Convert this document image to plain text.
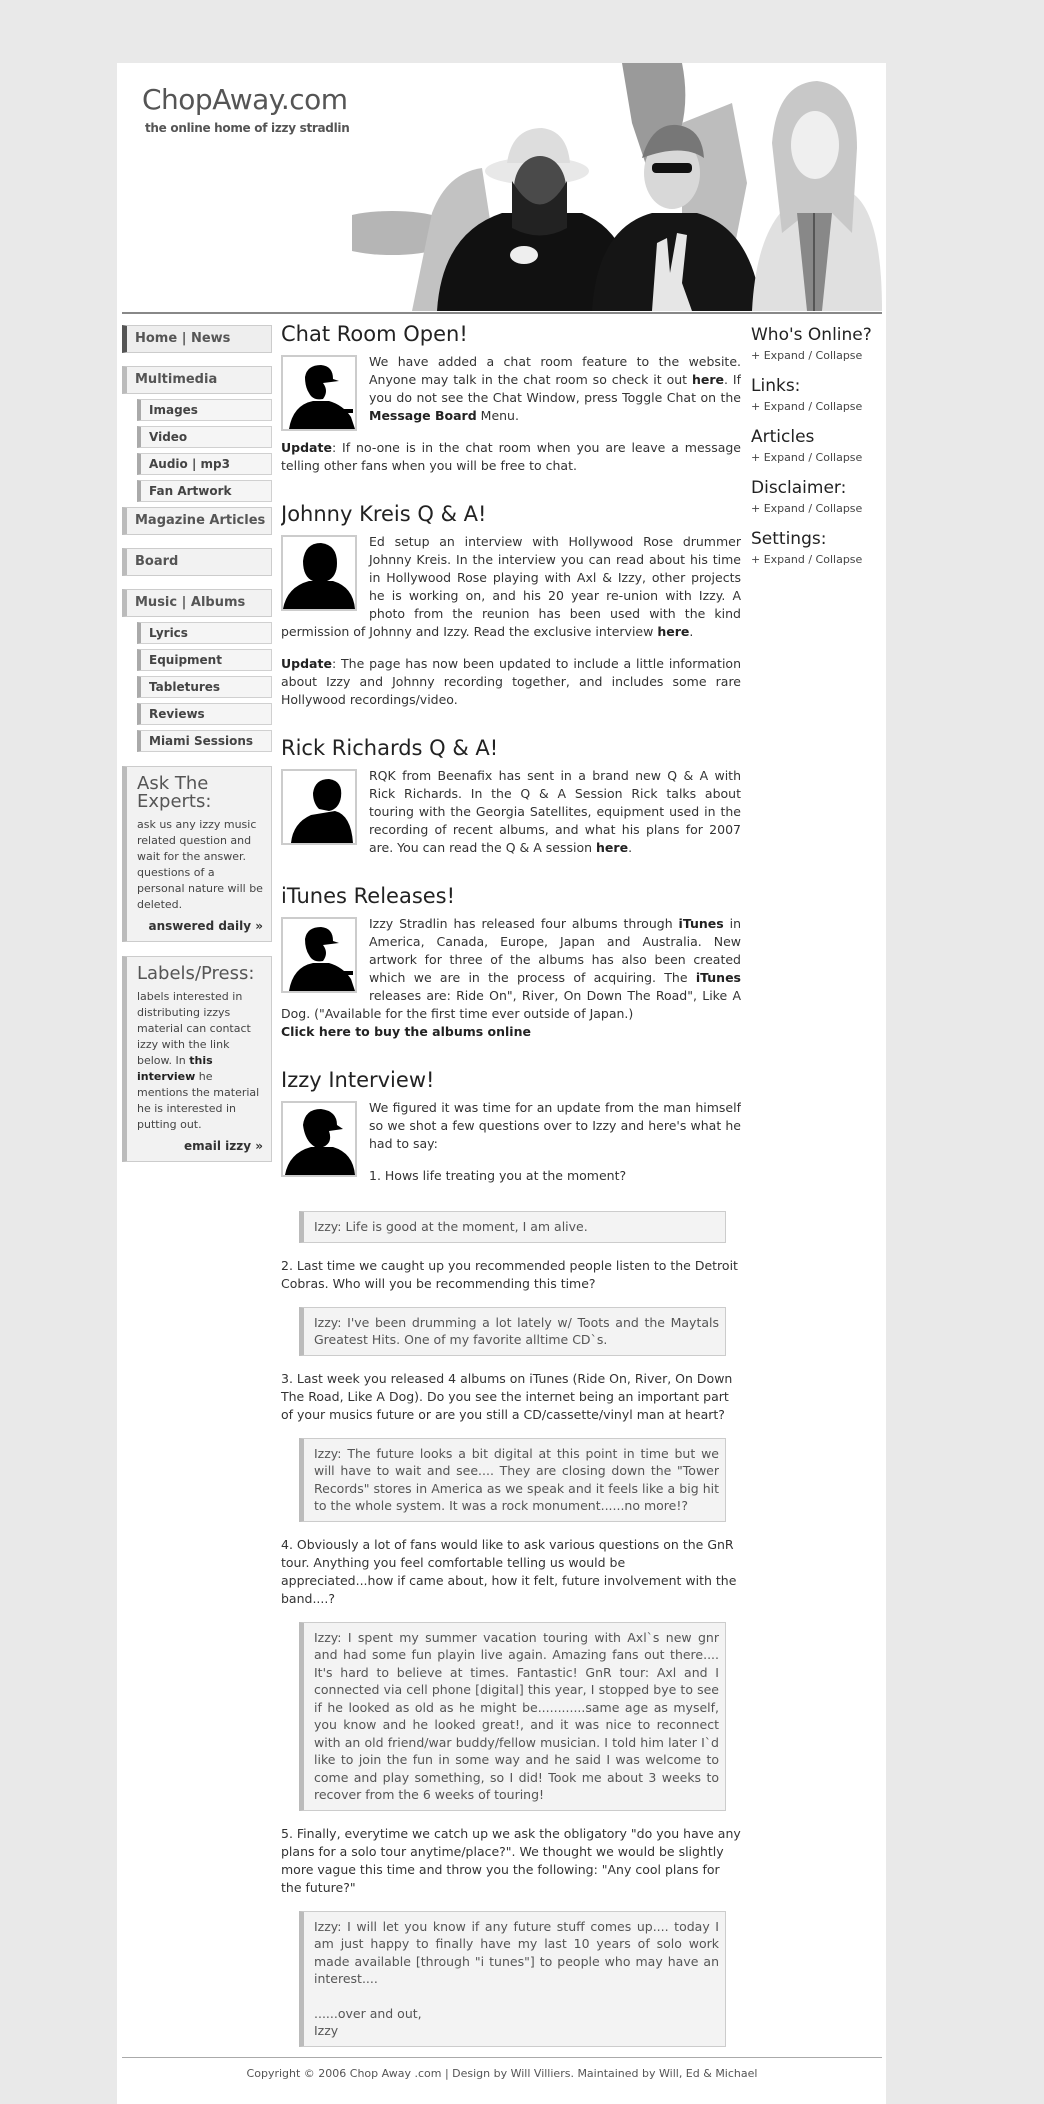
ChopAway.com
the online home of izzy stradlin
Home | News
Multimedia
Images
Video
Audio | mp3
Fan Artwork
Magazine Articles
Board
Music | Albums
Lyrics
Equipment
Tabletures
Reviews
Miami Sessions
Ask The Experts:

ask us any izzy music related question and wait for the answer. questions of a personal nature will be deleted.

answered daily »
Labels/Press:

labels interested in distributing izzys material can contact izzy with the link below. In this interview he mentions the material he is interested in putting out.

email izzy »
Chat Room Open!

We have added a chat room feature to the website. Anyone may talk in the chat room so check it out here. If you do not see the Chat Window, press Toggle Chat on the Message Board Menu.

Update: If no-one is in the chat room when you are leave a message telling other fans when you will be free to chat.

Johnny Kreis Q & A!

Ed setup an interview with Hollywood Rose drummer Johnny Kreis. In the interview you can read about his time in Hollywood Rose playing with Axl & Izzy, other projects he is working on, and his 20 year re-union with Izzy. A photo from the reunion has been used with the kind permission of Johnny and Izzy. Read the exclusive interview here.

Update: The page has now been updated to include a little information about Izzy and Johnny recording together, and includes some rare Hollywood recordings/video.

Rick Richards Q & A!

RQK from Beenafix has sent in a brand new Q & A with Rick Richards. In the Q & A Session Rick talks about touring with the Georgia Satellites, equipment used in the recording of recent albums, and what his plans for 2007 are. You can read the Q & A session here.

iTunes Releases!

Izzy Stradlin has released four albums through iTunes in America, Canada, Europe, Japan and Australia. New artwork for three of the albums has also been created which we are in the process of acquiring. The iTunes releases are: Ride On", River, On Down The Road", Like A Dog. ("Available for the first time ever outside of Japan.)

Click here to buy the albums online

Izzy Interview!

We figured it was time for an update from the man himself so we shot a few questions over to Izzy and here's what he had to say:

1. Hows life treating you at the moment?

Izzy: Life is good at the moment, I am alive.

2. Last time we caught up you recommended people listen to the Detroit Cobras. Who will you be recommending this time?

Izzy: I've been drumming a lot lately w/ Toots and the Maytals Greatest Hits. One of my favorite alltime CD`s.

3. Last week you released 4 albums on iTunes (Ride On, River, On Down The Road, Like A Dog). Do you see the internet being an important part of your musics future or are you still a CD/cassette/vinyl man at heart?

Izzy: The future looks a bit digital at this point in time but we will have to wait and see.... They are closing down the "Tower Records" stores in America as we speak and it feels like a big hit to the whole system. It was a rock monument......no more!?

4. Obviously a lot of fans would like to ask various questions on the GnR tour. Anything you feel comfortable telling us would be appreciated...how if came about, how it felt, future involvement with the band....?

Izzy: I spent my summer vacation touring with Axl`s new gnr and had some fun playin live again. Amazing fans out there.... It's hard to believe at times. Fantastic! GnR tour: Axl and I connected via cell phone [digital] this year, I stopped bye to see if he looked as old as he might be............same age as myself, you know and he looked great!, and it was nice to reconnect with an old friend/war buddy/fellow musician. I told him later I`d like to join the fun in some way and he said I was welcome to come and play something, so I did! Took me about 3 weeks to recover from the 6 weeks of touring!

5. Finally, everytime we catch up we ask the obligatory "do you have any plans for a solo tour anytime/place?". We thought we would be slightly more vague this time and throw you the following: "Any cool plans for the future?"

Izzy: I will let you know if any future stuff comes up.... today I am just happy to finally have my last 10 years of solo work made available [through "i tunes"] to people who may have an interest....
......over and out,
Izzy
Who's Online?
+ Expand / Collapse
Links:
+ Expand / Collapse
Articles
+ Expand / Collapse
Disclaimer:
+ Expand / Collapse
Settings:
+ Expand / Collapse
Copyright © 2006 Chop Away .com | Design by Will Villiers. Maintained by Will, Ed & Michael
